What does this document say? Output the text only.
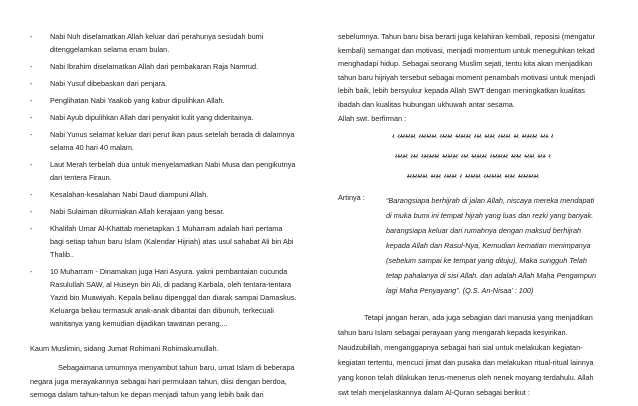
- Nabi Nuh diselamatkan Allah keluar dari perahunya sesudah bumi
ditenggelamkan selama enam bulan.
- Nabi Ibrahim diselamatkan Allah dari pembakaran Raja Namrud.
- Nabi Yusuf dibebaskan dari penjara.
- Penglihatan Nabi Yaakob yang kabur dipulihkan Allah.
- Nabi Ayub dipulihkan Allah dari penyakit kulit yang dideritainya.
- Nabi Yunus selamat keluar dari perut ikan paus setelah berada di dalamnya
selama 40 hari 40 malam.
- Laut Merah terbelah dua untuk menyelamatkan Nabi Musa dan pengikutnya
dari tentera Firaun.
- Kesalahan-kesalahan Nabi Daud diampuni Allah.
- Nabi Sulaiman dikurniakan Allah kerajaan yang besar.
- Khalifah Umar Al-Khattab menetapkan 1 Muharram adalah hari pertama
bagi setiap tahun baru Islam (Kalendar Hijriah) atas usul sahabat Ali bin Abi
Thalib..
- 10 Muharram - Dinamakan juga Hari Asyura. yakni pembantaian cucunda
Rasulullah SAW, al Huseyn bin Ali, di padang Karbala, oleh tentara-tentara
Yazid bin Muawiyah. Kepala beliau dipenggal dan diarak sampai Damaskus.
Keluarga beliau termasuk anak-anak dibantai dan dibunuh, terkecuali
wanitanya yang kemudian dijadikan tawanan perang....
Kaum Muslimin, sidang Jumat Rohimani Rohimakumullah.
Sebagaimana umumnya menyambut tahun baru, umat Islam di beberapa
negara juga merayakannya sebagai hari permulaan tahun, diisi dengan berdoa,
semoga dalam tahun-tahun ke depan menjadi tahun yang lebih baik dari
sebelumnya. Tahun baru bisa berarti juga kelahiran kembali, reposisi (mengatur
kembali) semangat dan motivasi, menjadi momentum untuk meneguhkan tekad
menghadapi hidup. Sebagai seorang Muslim sejati, tentu kita akan menjadikan
tahun baru hijriyah tersebut sebagai moment penambah motivasi untuk menjadi
lebih baik, lebih bersyukur kepada Allah SWT dengan meningkatkan kualitas
ibadah dan kualitas hubungan ukhuwah antar sesama.
Allah swt. berfirman :
ﯾ ﯿﯾﯿ ﯾﯿﯾﯿﯾﯿ ﯾﯿ ﯾﯿﯾﯿﯾ ﯾﯿﯾﯿ ﯾﯿﯾ ﯾﯿﯾﯿﯾﯿ ﯾﯿﯾﯿﯾ ﯾﯿﯾﯿﯾﯿﯾ ﯾﯿﯾﯿﯾﯿﯾ ﯾ
ﯾ ﯿﯾﯿ ﯾﯿﯾﯿ ﯾﯿﯾﯿ ﯾﯿﯾﯿﯾﯿﯾ ﯾﯿﯾﯿﯾﯿ ﯾﯿﯾ ﯾﯿﯾﯿﯾﯿ ﯾﯿﯾﯿﯾﯿﯾ ﯾﯿﯾ ﯾﯿﯾﯿﯾ
ﯾﯿﯾﯿﯾﯿﯾﯿ ﯾﯿﯾﯿ ﯾﯿﯾﯿﯾﯿﯾ ﯾﯿﯾﯿﯾﯿ ﯾ ﯾﯿﯾﯿﯾ ﯾﯿﯾﯿ ﯾﯿﯾﯿﯾﯿﯾﯿ
Artinya :	“Barangsiapa berhijrah di jalan Allah, niscaya mereka mendapati
di muka bumi ini tempat hijrah yang luas dan rezki yang banyak.
barangsiapa keluar dari rumahnya dengan maksud berhijrah
kepada Allah dan Rasul-Nya, Kemudian kematian menimpanya
(sebelum sampai ke tempat yang dituju), Maka sungguh Telah
tetap pahalanya di sisi Allah. dan adalah Allah Maha Pengampun
lagi Maha Penyayang”. (Q.S. An-Nisaa’ : 100)
Tetapi jangan heran, ada juga sebagian dari manusia yang menjadikan
tahun baru Islam sebagai perayaan yang mengarah kepada kesyirikan.
Naudzubillah, menganggapnya sebagai hari sial untuk melakukan kegiatan-
kegiatan tertentu, mencuci jimat dan pusaka dan melakukan ritual-ritual lainnya
yang konon telah dilakukan terus-menerus oleh nenek moyang terdahulu. Allah
swt telah menjelaskannya dalam Al-Quran sebagai berikut :
